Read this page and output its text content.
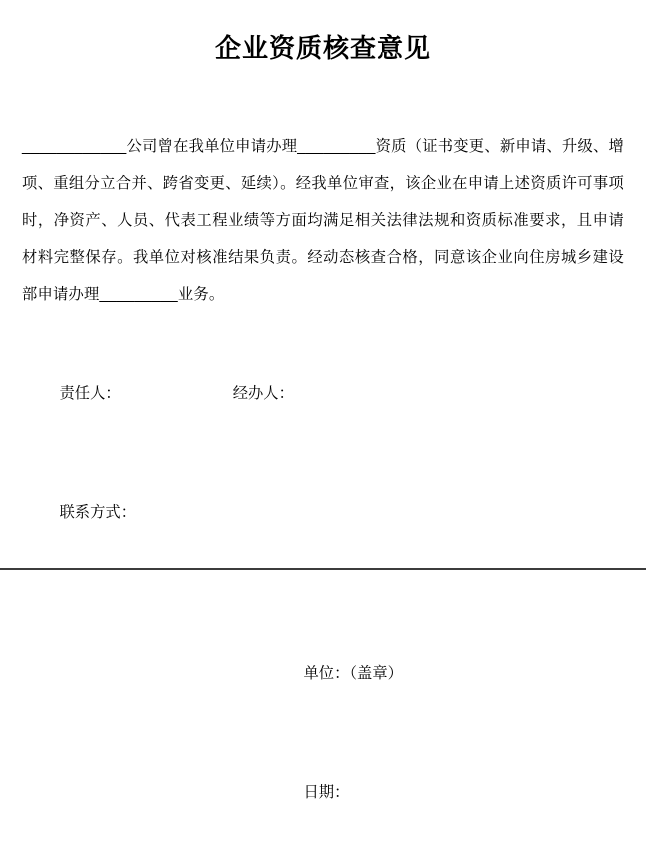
企业资质核查意见

____________公司曾在我单位申请办理_________资质（证书变更、新申请、升级、增项、重组分立合并、跨省变更、延续）。经我单位审查，该企业在申请上述资质许可事项时，净资产、人员、代表工程业绩等方面均满足相关法律法规和资质标准要求，且申请材料完整保存。我单位对核准结果负责。经动态核查合格，同意该企业向住房城乡建设部申请办理_________业务。

责任人：	经办人：

联系方式：

单位：（盖章）

日期：
